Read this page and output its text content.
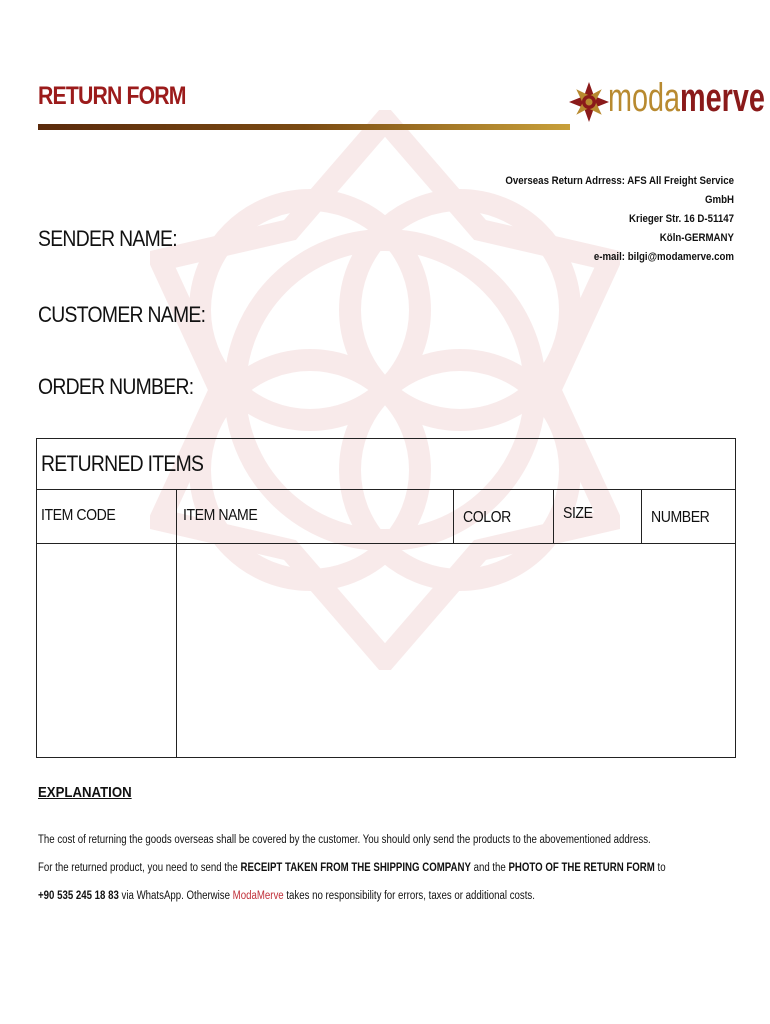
RETURN FORM	modamerve
Overseas Return Adrress: AFS All Freight Service
GmbH
Krieger Str. 16 D-51147
Köln-GERMANY
e-mail: bilgi@modamerve.com
SENDER NAME:
CUSTOMER NAME:
ORDER NUMBER:
RETURNED ITEMS
ITEM CODE	ITEM NAME	COLOR	SIZE	NUMBER
EXPLANATION

The cost of returning the goods overseas shall be covered by the customer. You should only send the products to the abovementioned address.

For the returned product, you need to send the RECEIPT TAKEN FROM THE SHIPPING COMPANY and the PHOTO OF THE RETURN FORM to

+90 535 245 18 83 via WhatsApp. Otherwise ModaMerve takes no responsibility for errors, taxes or additional costs.
